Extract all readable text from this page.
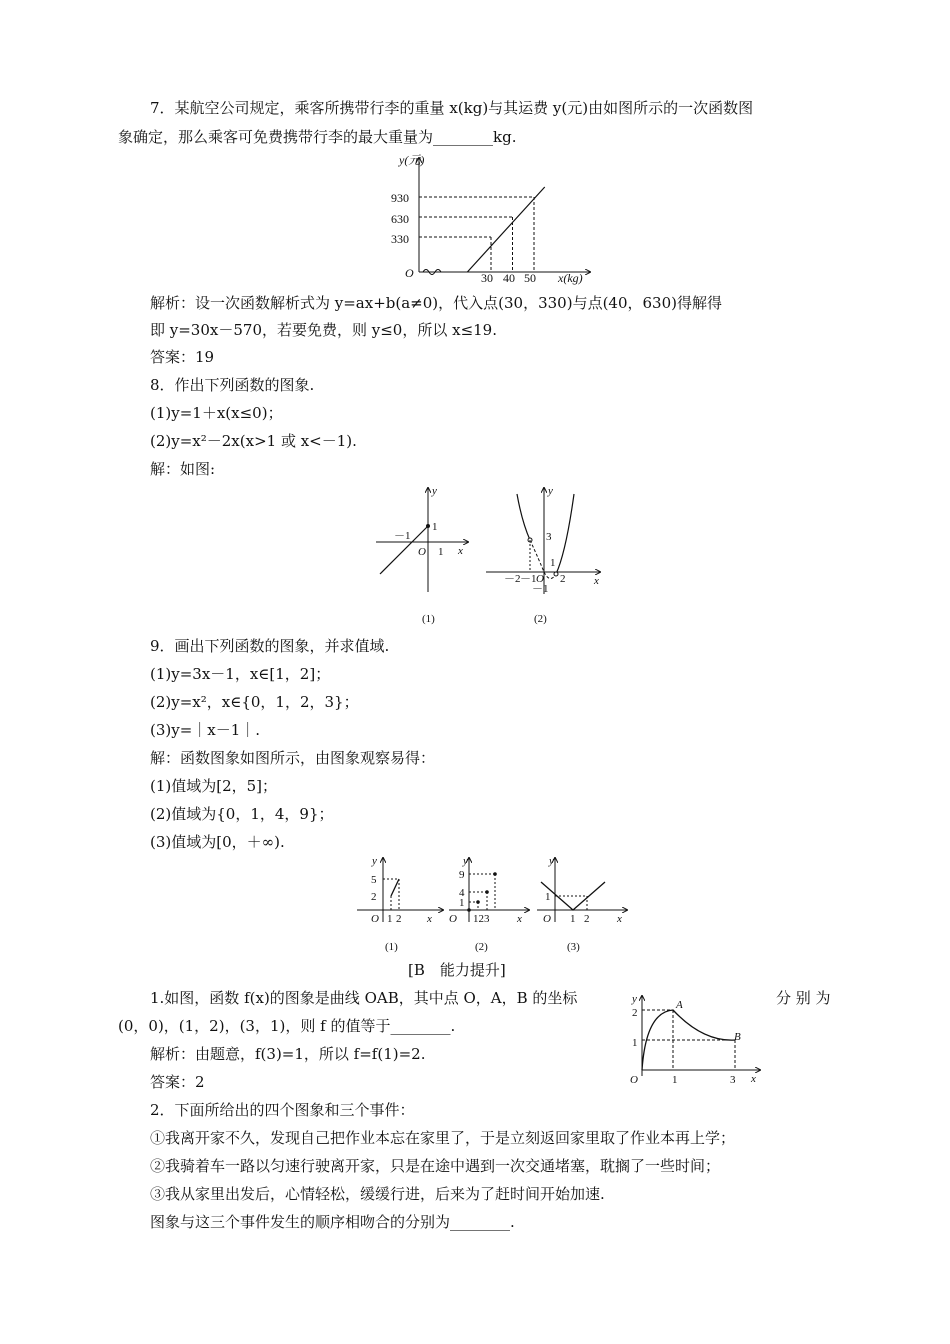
7．某航空公司规定，乘客所携带行李的重量 x(kg)与其运费 y(元)由如图所示的一次函数图
象确定，那么乘客可免费携带行李的最大重量为________kg.
y(元)
O
930
630
330
30 40 50 x(kg)
解析：设一次函数解析式为 y=ax+b(a≠0)，代入点(30，330)与点(40，630)得解得
即 y=30x－570，若要免费，则 y≤0，所以 x≤19.
答案：19
8．作出下列函数的图象.
(1)y=1＋x(x≤0)；
(2)y=x²－2x(x>1 或 x<－1).
解：如图:
y
x
O
－1
1
1
(1)
y
x
3
1
－2 －1 O 2
－1
(2)
9．画出下列函数的图象，并求值域.
(1)y=3x－1，x∈[1，2]；
(2)y=x²，x∈{0，1，2，3}；
(3)y=｜x－1｜.
解：函数图象如图所示，由图象观察易得：
(1)值域为[2，5]；
(2)值域为{0，1，4，9}；
(3)值域为[0，＋∞).
y
x
5
2
O 1 2
(1)
y
x
9
4
1
O 123
(2)
y
x
1
O 1 2
(3)
[B　能力提升]
1.如图，函数 f(x)的图象是曲线 OAB，其中点 O，A，B 的坐标	分 别 为
(0，0)，(1，2)，(3，1)，则 f 的值等于________.
解析：由题意，f(3)=1，所以 f=f(1)=2.
答案：2
y
x
O
2
1
1	3
A
B
2．下面所给出的四个图象和三个事件：
①我离开家不久，发现自己把作业本忘在家里了，于是立刻返回家里取了作业本再上学；
②我骑着车一路以匀速行驶离开家，只是在途中遇到一次交通堵塞，耽搁了一些时间；
③我从家里出发后，心情轻松，缓缓行进，后来为了赶时间开始加速.
图象与这三个事件发生的顺序相吻合的分别为________.
